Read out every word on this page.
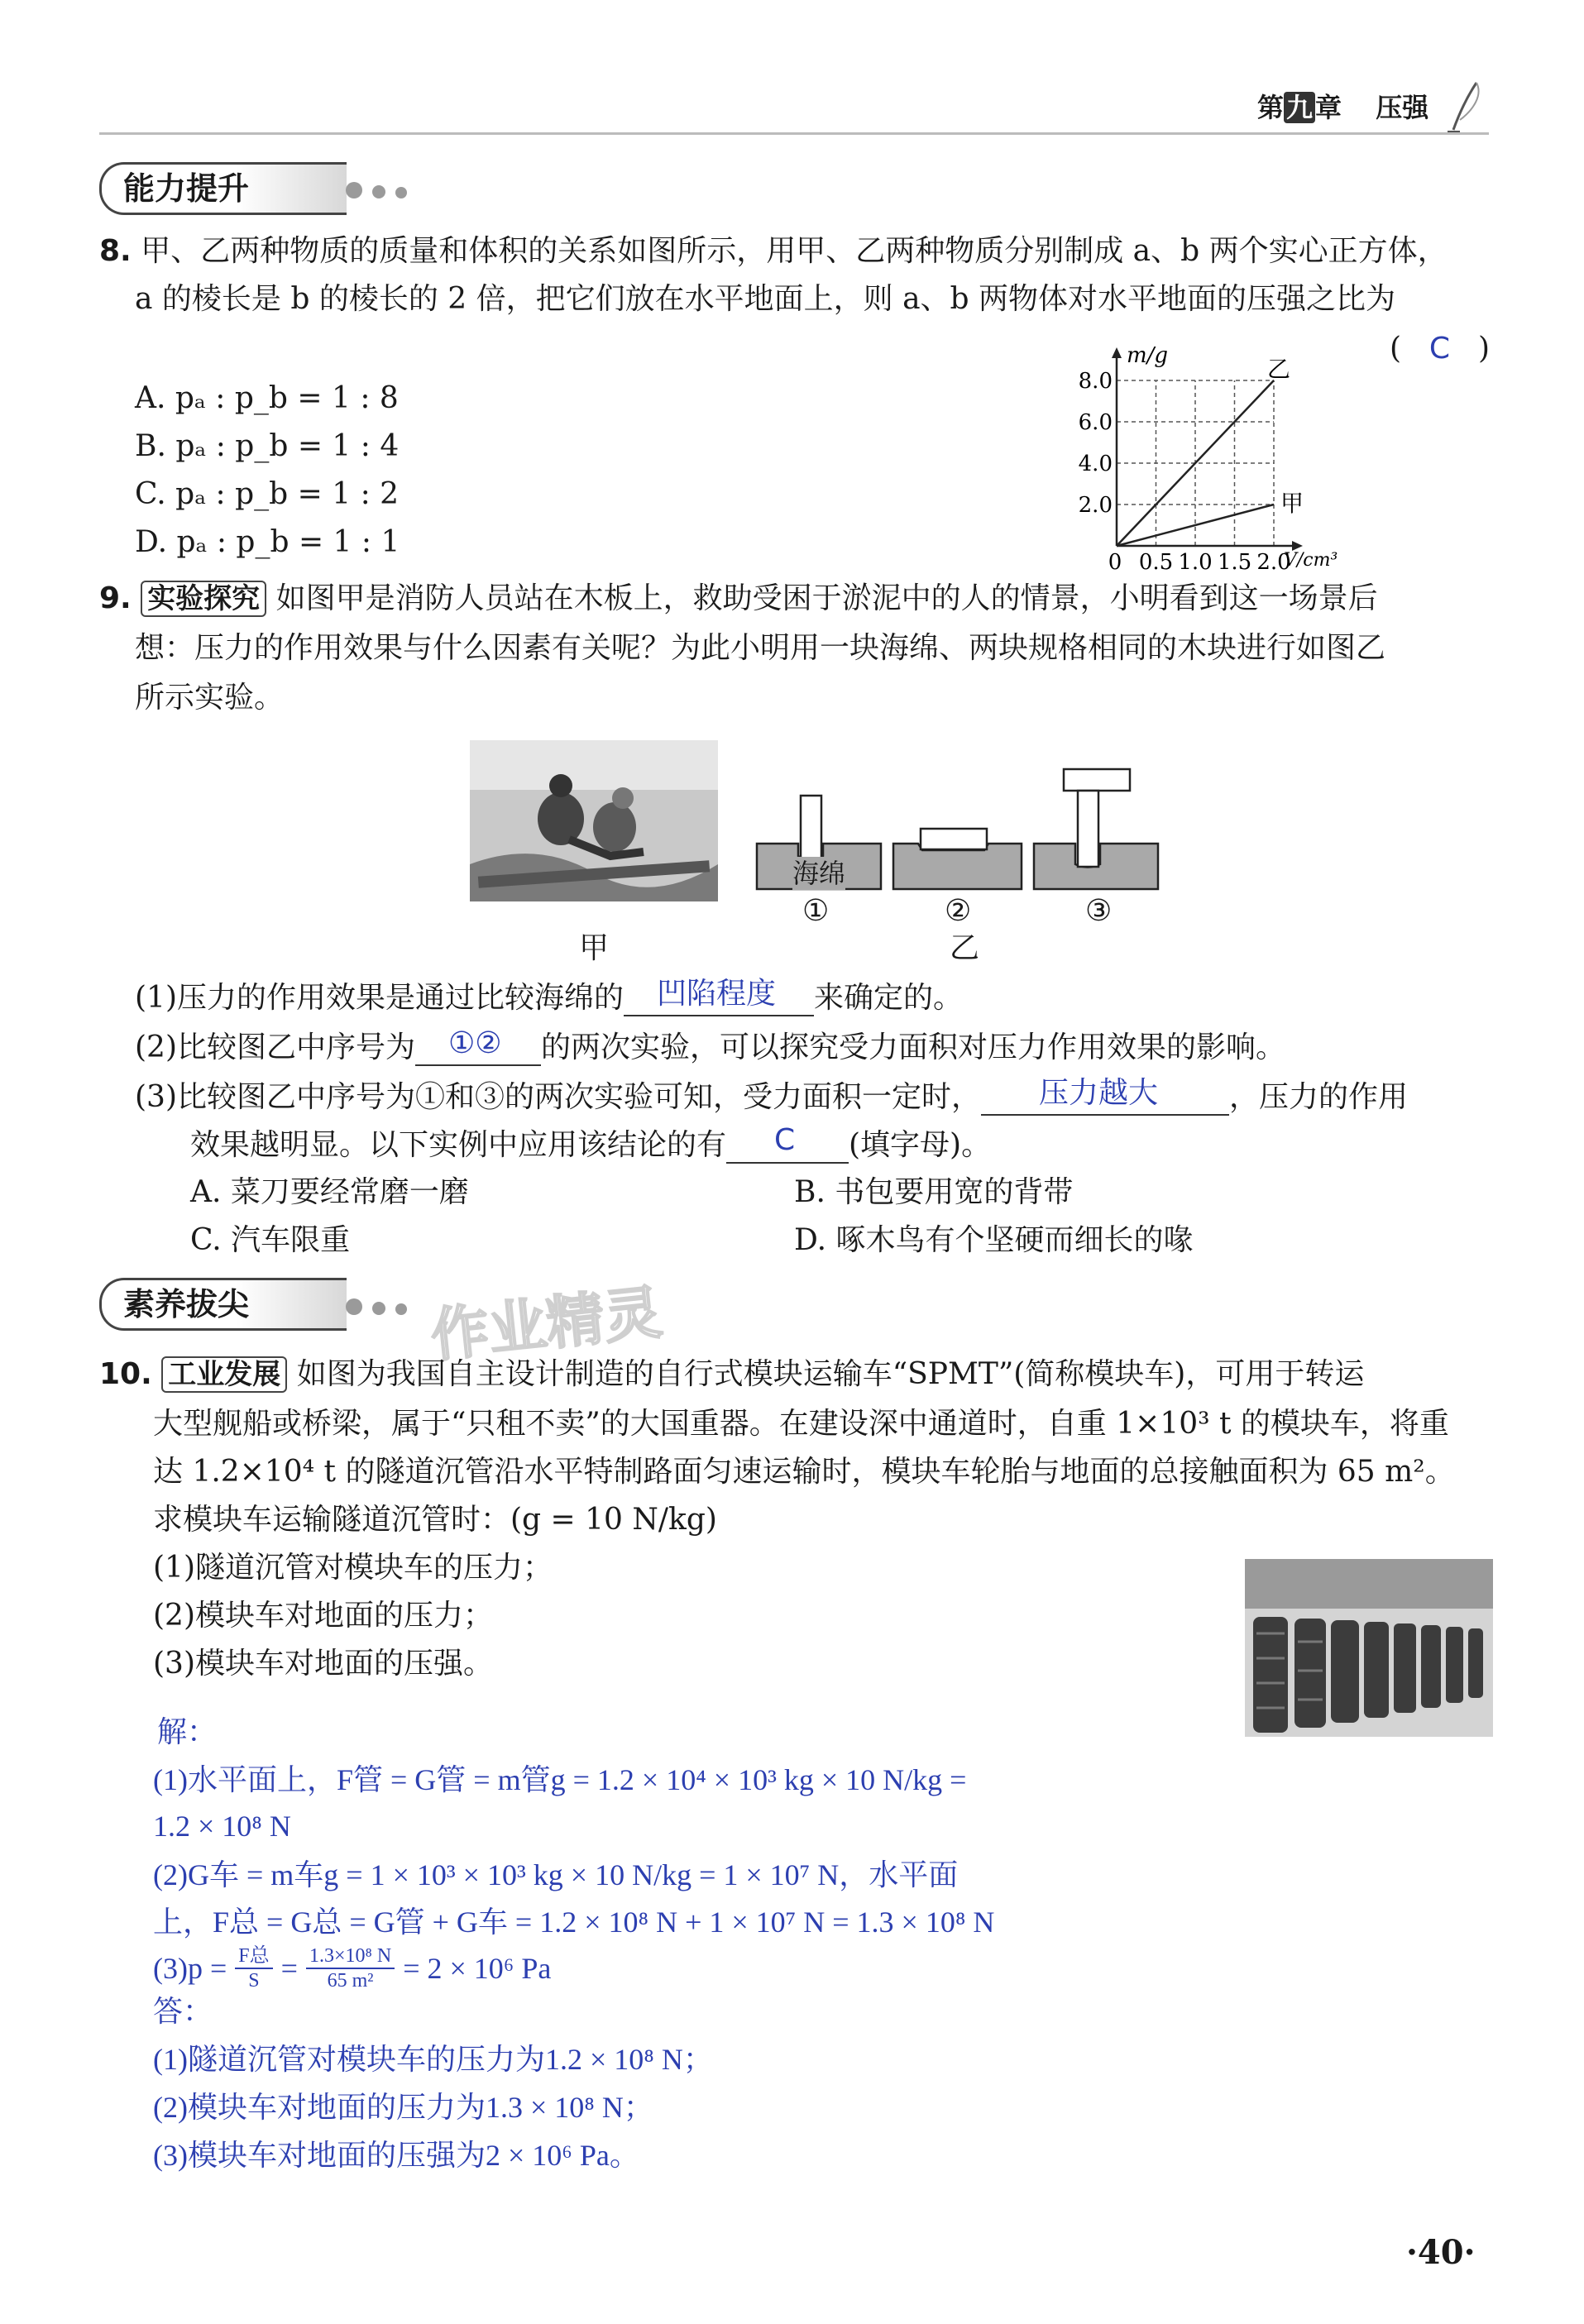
第九章 压强
能力提升
8. 甲、乙两种物质的质量和体积的关系如图所示，用甲、乙两种物质分别制成 a、b 两个实心正方体，
a 的棱长是 b 的棱长的 2 倍，把它们放在水平地面上，则 a、b 两物体对水平地面的压强之比为
( C )
A. pₐ : p_b = 1 : 8
B. pₐ : p_b = 1 : 4
C. pₐ : p_b = 1 : 2
D. pₐ : p_b = 1 : 1
0 0.5 1.0 1.5 2.0
2.0
4.0
6.0
8.0
m/g
V/cm³
乙
甲
9. 实验探究 如图甲是消防人员站在木板上，救助受困于淤泥中的人的情景，小明看到这一场景后
想：压力的作用效果与什么因素有关呢？为此小明用一块海绵、两块规格相同的木块进行如图乙
所示实验。
甲
海绵
①	②	③
乙
(1)压力的作用效果是通过比较海绵的 凹陷程度 来确定的。
(2)比较图乙中序号为 ①② 的两次实验，可以探究受力面积对压力作用效果的影响。
(3)比较图乙中序号为①和③的两次实验可知，受力面积一定时， 压力越大 ，压力的作用
效果越明显。以下实例中应用该结论的有 C (填字母)。
A. 菜刀要经常磨一磨	B. 书包要用宽的背带
C. 汽车限重	D. 啄木鸟有个坚硬而细长的喙
素养拔尖	作业精灵
10. 工业发展 如图为我国自主设计制造的自行式模块运输车“SPMT”(简称模块车)，可用于转运
大型舰船或桥梁，属于“只租不卖”的大国重器。在建设深中通道时，自重 1×10³ t 的模块车，将重
达 1.2×10⁴ t 的隧道沉管沿水平特制路面匀速运输时，模块车轮胎与地面的总接触面积为 65 m²。
求模块车运输隧道沉管时：(g = 10 N/kg)
(1)隧道沉管对模块车的压力；
(2)模块车对地面的压力；
(3)模块车对地面的压强。
解：
(1)水平面上，F管 = G管 = m管g = 1.2 × 10⁴ × 10³ kg × 10 N/kg =
1.2 × 10⁸ N
(2)G车 = m车g = 1 × 10³ × 10³ kg × 10 N/kg = 1 × 10⁷ N，水平面
上，F总 = G总 = G管 + G车 = 1.2 × 10⁸ N + 1 × 10⁷ N = 1.3 × 10⁸ N
(3)p = F总
$S = \frac{\text{1.3×10⁸ N}}{\text{65 m²}} = 2 \times 10^6$ Pa
答：
(1)隧道沉管对模块车的压力为1.2 × 10⁸ N；
(2)模块车对地面的压力为1.3 × 10⁸ N；
(3)模块车对地面的压强为2 × 10⁶ Pa。
·40·
